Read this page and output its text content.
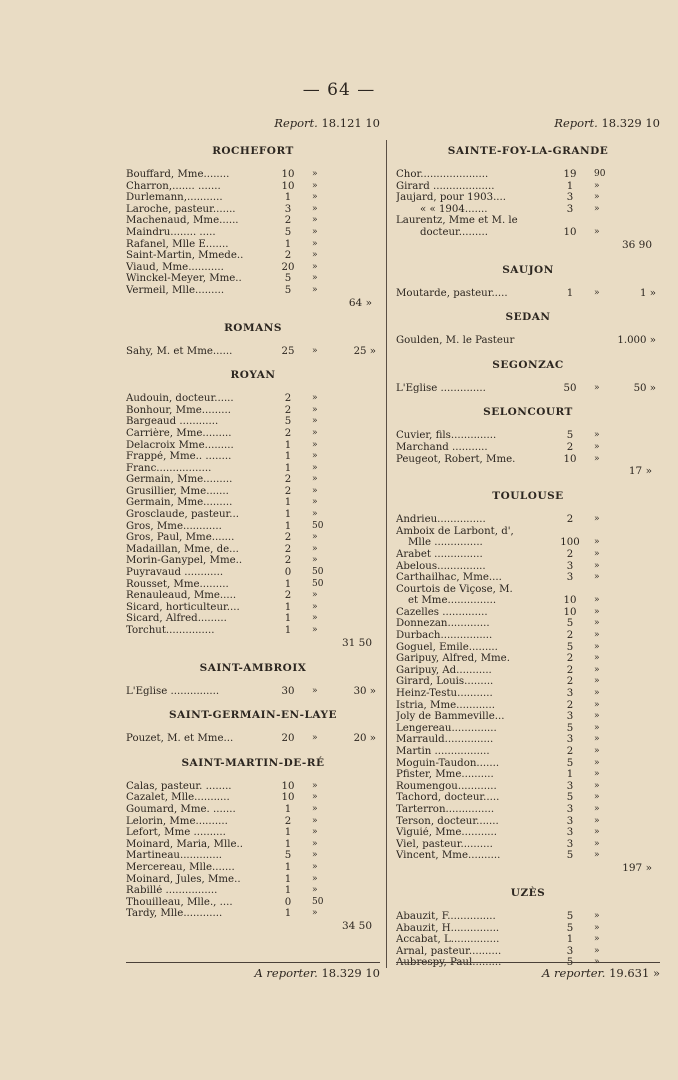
— 64 —
Report. 18.121 10
ROCHEFORT
Bouffard, Mme........	10	»
Charron,....... .......	10	»
Durlemann,...........	1	»
Laroche, pasteur.......	3	»
Machenaud, Mme......	2	»
Maindru........ .....	5	»
Rafanel, Mlle E.......	1	»
Saint-Martin, Mmede..	2	»
Viaud, Mme...........	20	»
Winckel-Meyer, Mme..	5	»
Vermeil, Mlle.........	5	»
64 »
ROMANS
Sahy, M. et Mme......	25	»	25 »
ROYAN
Audouin, docteur......	2	»
Bonhour, Mme.........	2	»
Bargeaud ............	5	»
Carrière, Mme.........	2	»
Delacroix Mme.........	1	»
Frappé, Mme.. ........	1	»
Franc.................	1	»
Germain, Mme.........	2	»
Grusillier, Mme.......	2	»
Germain, Mme.........	1	»
Grosclaude, pasteur...	1	»
Gros, Mme............	1	50
Gros, Paul, Mme.......	2	»
Madaillan, Mme, de...	2	»
Morin-Ganypel, Mme..	2	»
Puyravaud ............	0	50
Rousset, Mme.........	1	50
Renauleaud, Mme.....	2	»
Sicard, horticulteur....	1	»
Sicard, Alfred.........	1	»
Torchut...............	1	»
31 50
SAINT-AMBROIX
L'Église ...............	30	»	30 »
SAINT-GERMAIN-EN-LAYE
Pouzet, M. et Mme...	20	»	20 »
SAINT-MARTIN-DE-RÉ
Calas, pasteur. ........	10	»
Cazalet, Mlle...........	10	»
Goumard, Mme. .......	1	»
Lelorin, Mme..........	2	»
Lefort, Mme ..........	1	»
Moinard, Maria, Mlle..	1	»
Martineau.............	5	»
Mercereau, Mlle.......	1	»
Moinard, Jules, Mme..	1	»
Rabillé ................	1	»
Thouilleau, Mlle., ....	0	50
Tardy, Mlle............	1	»
34 50
Report. 18.329 10
SAINTE-FOY-LA-GRANDE
Chor.....................	19	90
Girard ...................	1	»
Jaujard, pour 1903....	3	»
« « 1904.......	3	»
Laurentz, Mme et M. le
docteur.........	10	»
36 90
SAUJON
Moutarde, pasteur.....	1	»	1 »
SEDAN
Goulden, M. le Pasteur	1.000 »
SEGONZAC
L'Église ..............	50	»	50 »
SELONCOURT
Cuvier, fils..............	5	»
Marchand ...........	2	»
Peugeot, Robert, Mme.	10	»
17 »
TOULOUSE
Andrieu...............	2	»
Amboix de Larbont, d',
Mlle ...............	100	»
Arabet ...............	2	»
Abelous...............	3	»
Carthailhac, Mme....	3	»
Courtois de Viçose, M.
et Mme...............	10	»
Cazelles ..............	10	»
Donnezan.............	5	»
Durbach................	2	»
Goguel, Emile.........	5	»
Garipuy, Alfred, Mme.	2	»
Garipuy, Ad...........	2	»
Girard, Louis.........	2	»
Heinz-Testu...........	3	»
Istria, Mme............	2	»
Joly de Bammeville...	3	»
Lengereau..............	5	»
Marrauld...............	3	»
Martin .................	2	»
Moguin-Taudon.......	5	»
Pfister, Mme..........	1	»
Roumengou............	3	»
Tachord, docteur.....	5	»
Tarterron...............	3	»
Terson, docteur.......	3	»
Viguié, Mme...........	3	»
Viel, pasteur..........	3	»
Vincent, Mme..........	5	»
197 »
UZÈS
Abauzit, F...............	5	»
Abauzit, H...............	5	»
Accabat, L...............	1	»
Arnal, pasteur..........	3	»
Aubrespy, Paul.........	5	»
A reporter. 18.329 10	A reporter. 19.631 »
